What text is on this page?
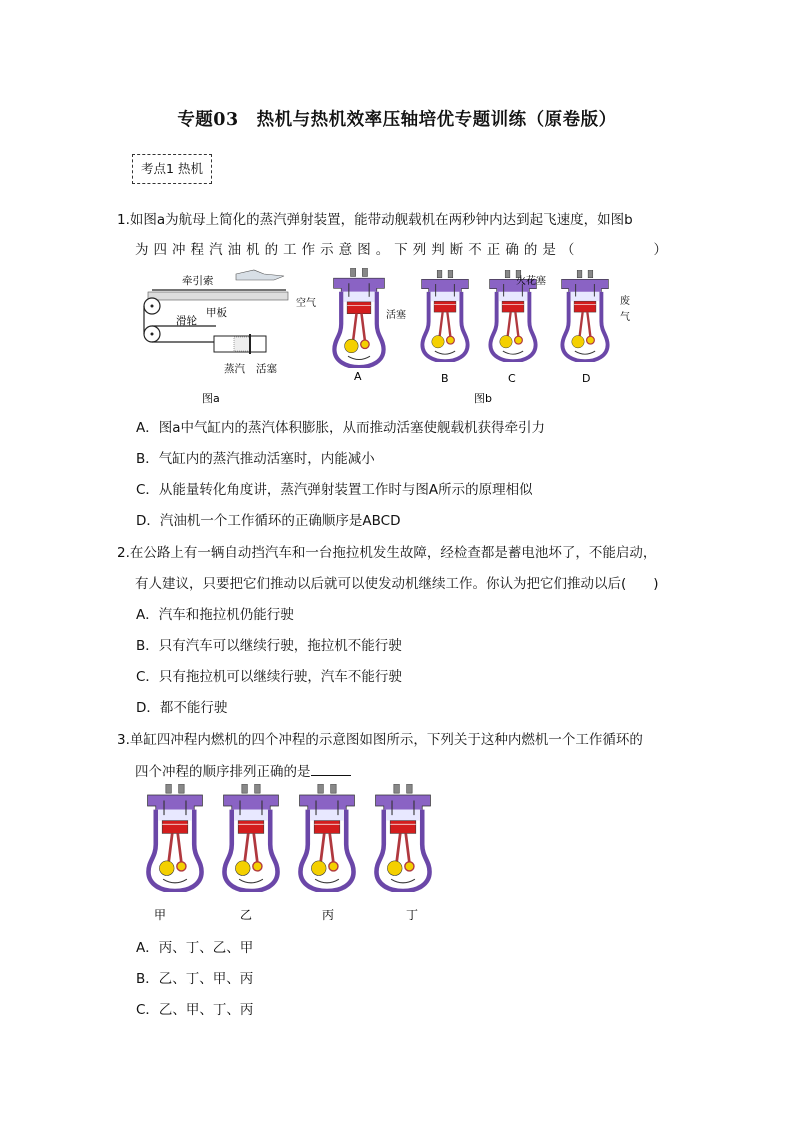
专题03　热机与热机效率压轴培优专题训练（原卷版）
考点1 热机
1.如图a为航母上简化的蒸汽弹射装置，能带动舰载机在两秒钟内达到起飞速度，如图b
为 四 冲 程 汽 油 机 的 工 作 示 意 图 。 下 列 判 断 不 正 确 的 是 （

　	）
牵引索
甲板
滑轮
蒸汽 活塞
图a
空气
活塞
火花塞
废
气
A	B	C	D
图b
A．图a中气缸内的蒸汽体积膨胀，从而推动活塞使舰载机获得牵引力
B．气缸内的蒸汽推动活塞时，内能减小
C．从能量转化角度讲，蒸汽弹射装置工作时与图A所示的原理相似
D．汽油机一个工作循环的正确顺序是ABCD
2.在公路上有一辆自动挡汽车和一台拖拉机发生故障，经检查都是蓄电池坏了，不能启动，
有人建议，只要把它们推动以后就可以使发动机继续工作。你认为把它们推动以后(　　)
A．汽车和拖拉机仍能行驶
B．只有汽车可以继续行驶，拖拉机不能行驶
C．只有拖拉机可以继续行驶，汽车不能行驶
D．都不能行驶
3.单缸四冲程内燃机的四个冲程的示意图如图所示，下列关于这种内燃机一个工作循环的
四个冲程的顺序排列正确的是
甲	乙	丙	丁
A．丙、丁、乙、甲
B．乙、丁、甲、丙
C．乙、甲、丁、丙
